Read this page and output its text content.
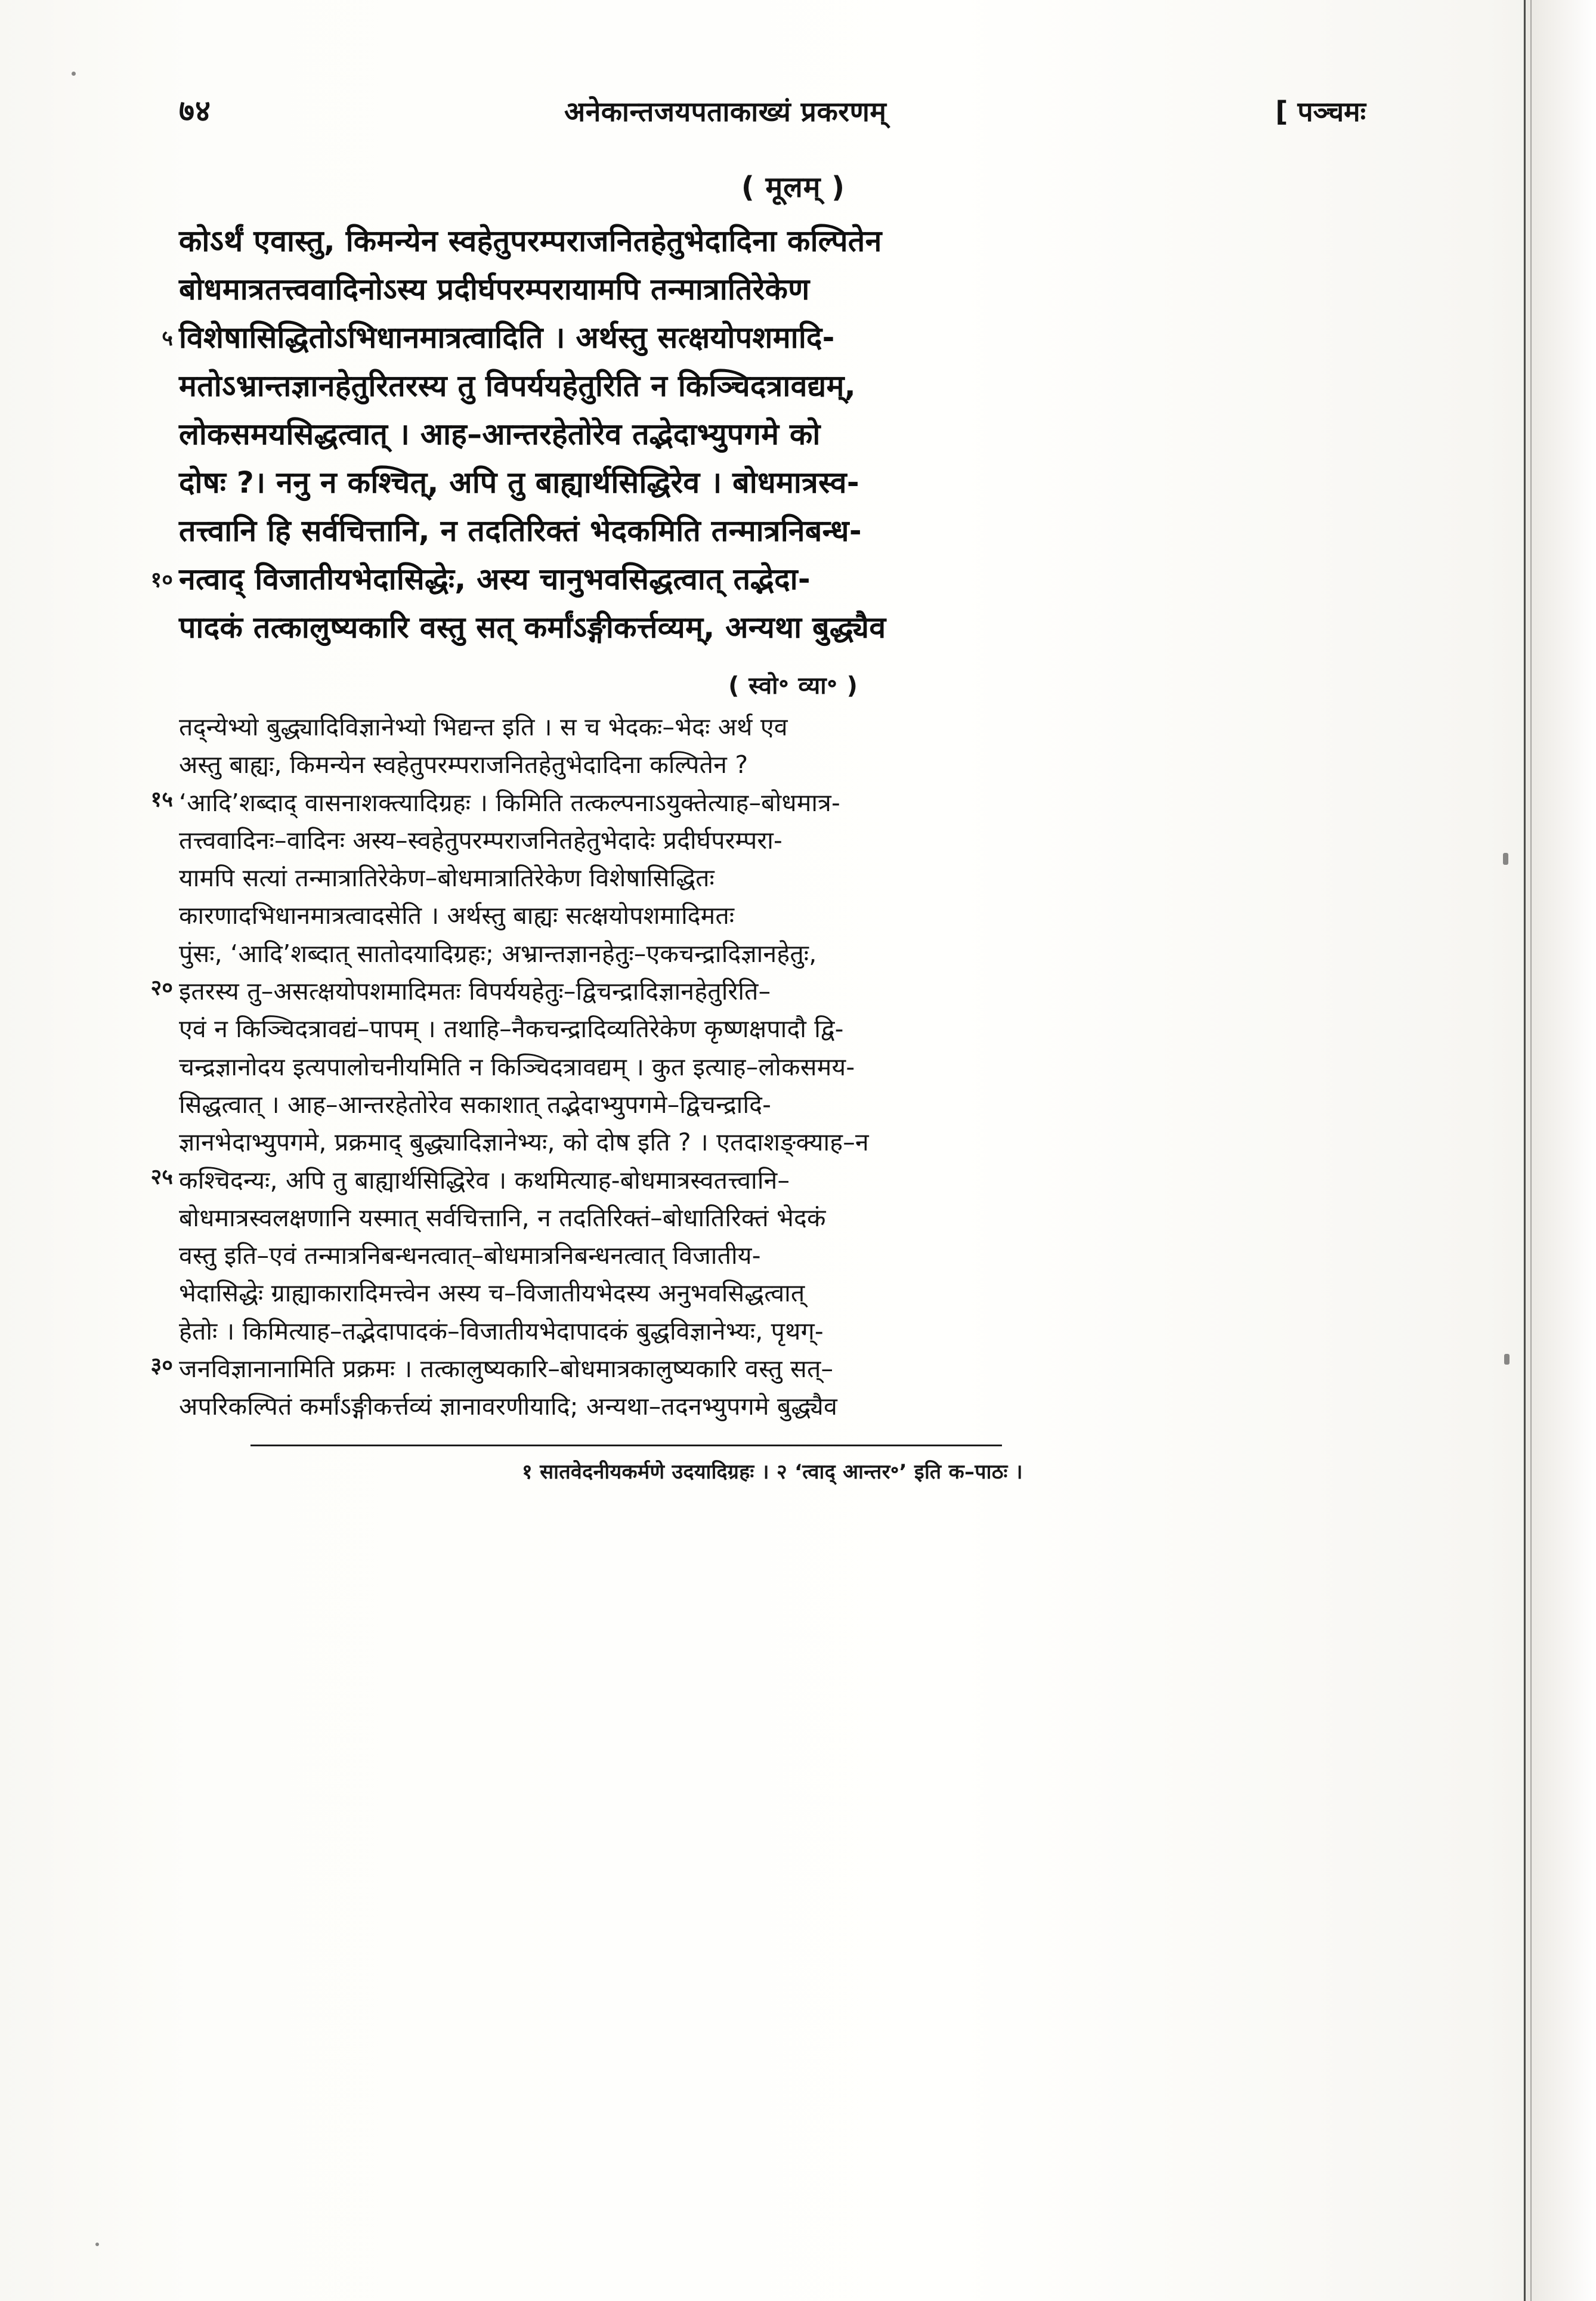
७४	अनेकान्तजयपताकाख्यं प्रकरणम्	[ पञ्चमः
( मूलम् )
कोऽर्थं एवास्तु, किमन्येन स्वहेतुपरम्पराजनितहेतुभेदादिना कल्पितेन
बोधमात्रतत्त्ववादिनोऽस्य प्रदीर्घपरम्परायामपि तन्मात्रातिरेकेण
५ विशेषासिद्धितोऽभिधानमात्रत्वादिति । अर्थस्तु सत्क्षयोपशमादि-
मतोऽभ्रान्तज्ञानहेतुरितरस्य तु विपर्ययहेतुरिति न किञ्चिदत्रावद्यम्,
लोकसमयसिद्धत्वात् । आह–आन्तरहेतोरेव तद्भेदाभ्युपगमे को
दोषः ?। ननु न कश्चित्, अपि तु बाह्यार्थसिद्धिरेव । बोधमात्रस्व-
तत्त्वानि हि सर्वचित्तानि, न तदतिरिक्तं भेदकमिति तन्मात्रनिबन्ध-
१० नत्वाद् विजातीयभेदासिद्धेः, अस्य चानुभवसिद्धत्वात् तद्भेदा-
पादकं तत्कालुष्यकारि वस्तु सत् कर्मांऽङ्गीकर्त्तव्यम्, अन्यथा बुद्ध्यैव
( स्वो॰ व्या॰ )
तद्न्येभ्यो बुद्ध्यादिविज्ञानेभ्यो भिद्यन्त इति । स च भेदकः–भेदः अर्थ एव
अस्तु बाह्यः, किमन्येन स्वहेतुपरम्पराजनितहेतुभेदादिना कल्पितेन ?
१५ ‘आदि’शब्दाद् वासनाशक्त्यादिग्रहः । किमिति तत्कल्पनाऽयुक्तेत्याह–बोधमात्र-
तत्त्ववादिनः–वादिनः अस्य–स्वहेतुपरम्पराजनितहेतुभेदादेः प्रदीर्घपरम्परा-
यामपि सत्यां तन्मात्रातिरेकेण–बोधमात्रातिरेकेण विशेषासिद्धितः
कारणादभिधानमात्रत्वादसेति । अर्थस्तु बाह्यः सत्क्षयोपशमादिमतः
पुंसः, ‘आदि’शब्दात् सातोदयादिग्रहः; अभ्रान्तज्ञानहेतुः–एकचन्द्रादिज्ञानहेतुः,
२० इतरस्य तु–असत्क्षयोपशमादिमतः विपर्ययहेतुः–द्विचन्द्रादिज्ञानहेतुरिति–
एवं न किञ्चिदत्रावद्यं–पापम् । तथाहि–नैकचन्द्रादिव्यतिरेकेण कृष्णक्षपादौ द्वि-
चन्द्रज्ञानोदय इत्यपालोचनीयमिति न किञ्चिदत्रावद्यम् । कुत इत्याह–लोकसमय-
सिद्धत्वात् । आह–आन्तरहेतोरेव सकाशात् तद्भेदाभ्युपगमे–द्विचन्द्रादि-
ज्ञानभेदाभ्युपगमे, प्रक्रमाद् बुद्ध्यादिज्ञानेभ्यः, को दोष इति ? । एतदाशङ्क्याह–न
२५ कश्चिदन्यः, अपि तु बाह्यार्थसिद्धिरेव । कथमित्याह-बोधमात्रस्वतत्त्वानि–
बोधमात्रस्वलक्षणानि यस्मात् सर्वचित्तानि, न तदतिरिक्तं–बोधातिरिक्तं भेदकं
वस्तु इति–एवं तन्मात्रनिबन्धनत्वात्–बोधमात्रनिबन्धनत्वात् विजातीय-
भेदासिद्धेः ग्राह्याकारादिमत्त्वेन अस्य च–विजातीयभेदस्य अनुभवसिद्धत्वात्
हेतोः । किमित्याह–तद्भेदापादकं–विजातीयभेदापादकं बुद्धविज्ञानेभ्यः, पृथग्-
३० जनविज्ञानानामिति प्रक्रमः । तत्कालुष्यकारि–बोधमात्रकालुष्यकारि वस्तु सत्–
अपरिकल्पितं कर्मांऽङ्गीकर्त्तव्यं ज्ञानावरणीयादि; अन्यथा–तदनभ्युपगमे बुद्ध्यैव
१ सातवेदनीयकर्मणे उदयादिग्रहः । २ ‘त्वाद् आन्तर॰’ इति क–पाठः ।
